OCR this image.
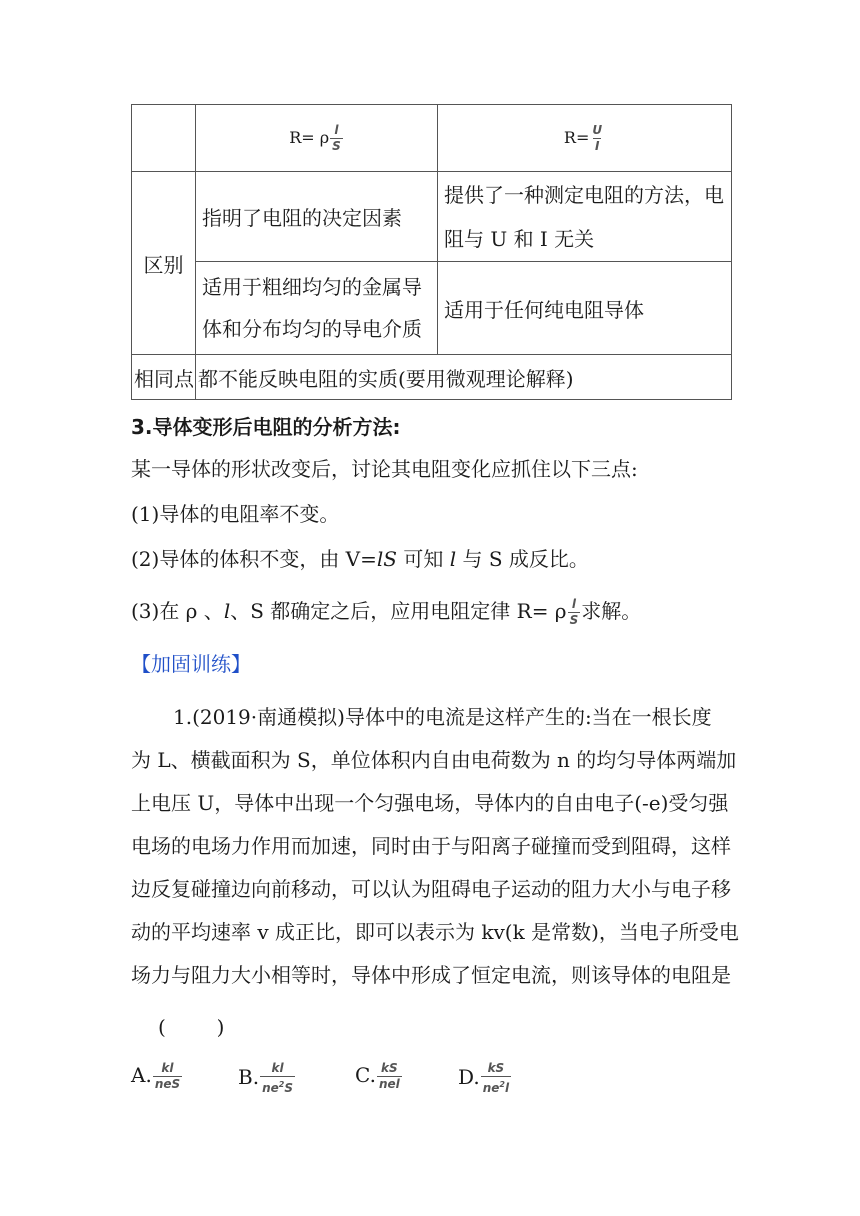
	R= ρ $\frac{l}{S}$	$R= \frac{U}{I}$

区别	指明了电阻的决定因素	提供了一种测定电阻的方法，电
阻与 U 和 I 无关

	适用于粗细均匀的金属导
体和分布均匀的导电介质	适用于任何纯电阻导体
相同点	都不能反映电阻的实质(要用微观理论解释)	
3.导体变形后电阻的分析方法:
某一导体的形状改变后，讨论其电阻变化应抓住以下三点:
(1)导体的电阻率不变。
(2)导体的体积不变，由 V=lS 可知 l 与 S 成反比。
(3)在 ρ 、l、S 都确定之后，应用电阻定律 R= ρ $\frac{l}{S}$ 求解。
【加固训练】
1.(2019·南通模拟)导体中的电流是这样产生的:当在一根长度
为 L、横截面积为 S，单位体积内自由电荷数为 n 的均匀导体两端加
上电压 U，导体中出现一个匀强电场，导体内的自由电子(-e)受匀强
电场的电场力作用而加速，同时由于与阳离子碰撞而受到阻碍，这样
边反复碰撞边向前移动，可以认为阻碍电子运动的阻力大小与电子移
动的平均速率 v 成正比，即可以表示为 kv(k 是常数)，当电子所受电
场力与阻力大小相等时，导体中形成了恒定电流，则该导体的电阻是
(        )
A. $\frac{kl}{\text{neS}}$	B. $\frac{kl}{ne^2S}$	C. $\frac{kS}{\text{nel}}$	D. $\frac{kS}{ne^2l}$
